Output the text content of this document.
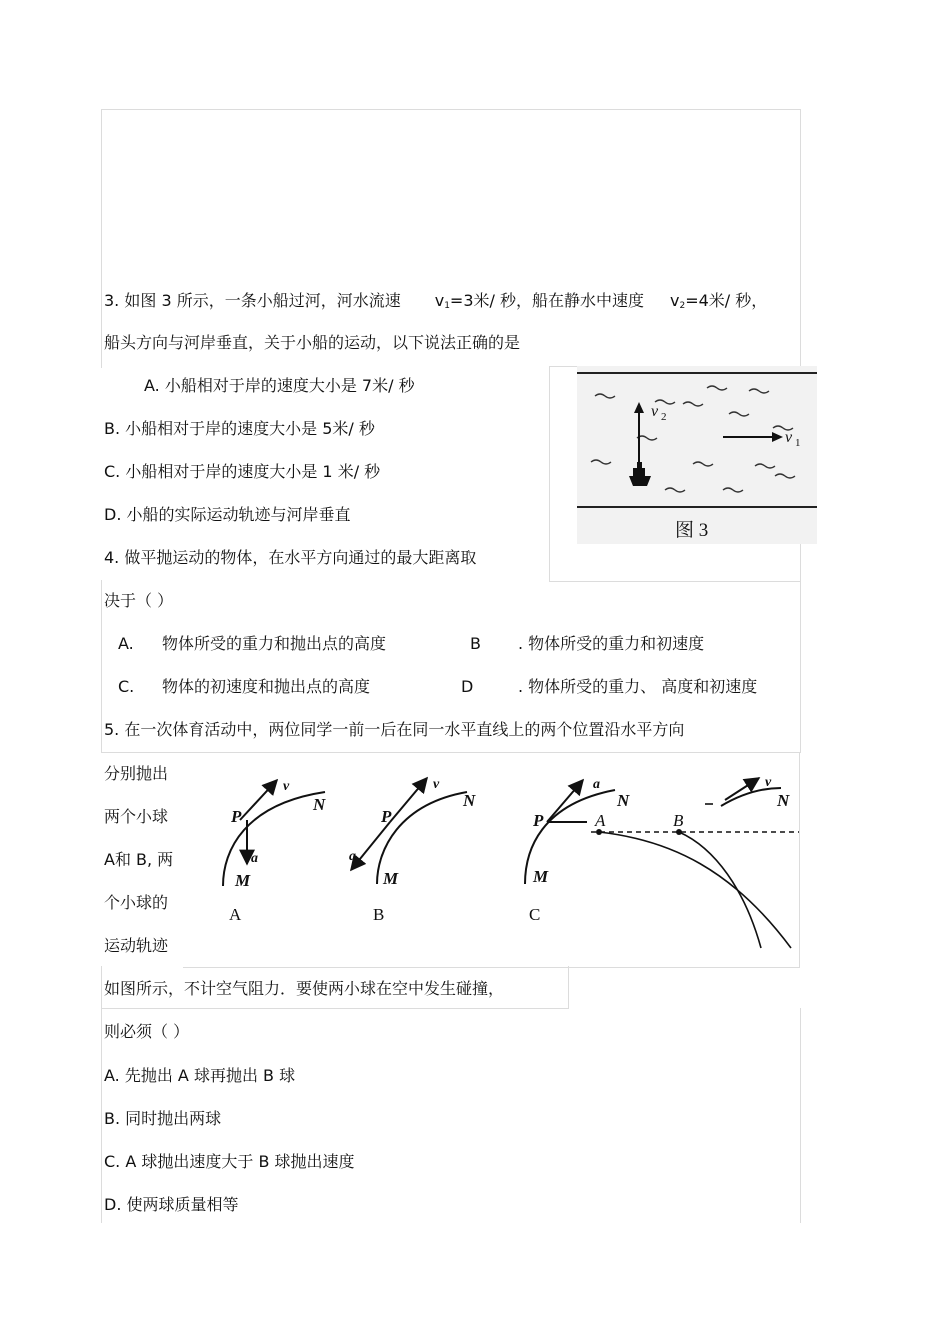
3. 如图 3 所示，一条小船过河，河水流速 $v_1=3$米/ 秒，船在静水中速度 $v_2=4$米/ 秒，
船头方向与河岸垂直，关于小船的运动，以下说法正确的是
A. 小船相对于岸的速度大小是 7米/ 秒
B. 小船相对于岸的速度大小是 5米/ 秒
C. 小船相对于岸的速度大小是 1 米/ 秒
D. 小船的实际运动轨迹与河岸垂直
v 2
v 1
图 3
4. 做平抛运动的物体，在水平方向通过的最大距离取
决于（ ）
A. 物体所受的重力和抛出点的高度	B . 物体所受的重力和初速度
C. 物体的初速度和抛出点的高度	D	. 物体所受的重力、 高度和初速度
5. 在一次体育活动中，两位同学一前一后在同一水平直线上的两个位置沿水平方向
分别抛出
两个小球
A和 B, 两
个小球的
运动轨迹
P
N
M
v
a
P
N
M
v
a
P
N
M
a	v
N
A	B
A	B	C
如图所示，不计空气阻力．要使两小球在空中发生碰撞，
则必须（ ）
A. 先抛出 A 球再抛出 B 球
B. 同时抛出两球
C. A 球抛出速度大于 B 球抛出速度
D. 使两球质量相等
